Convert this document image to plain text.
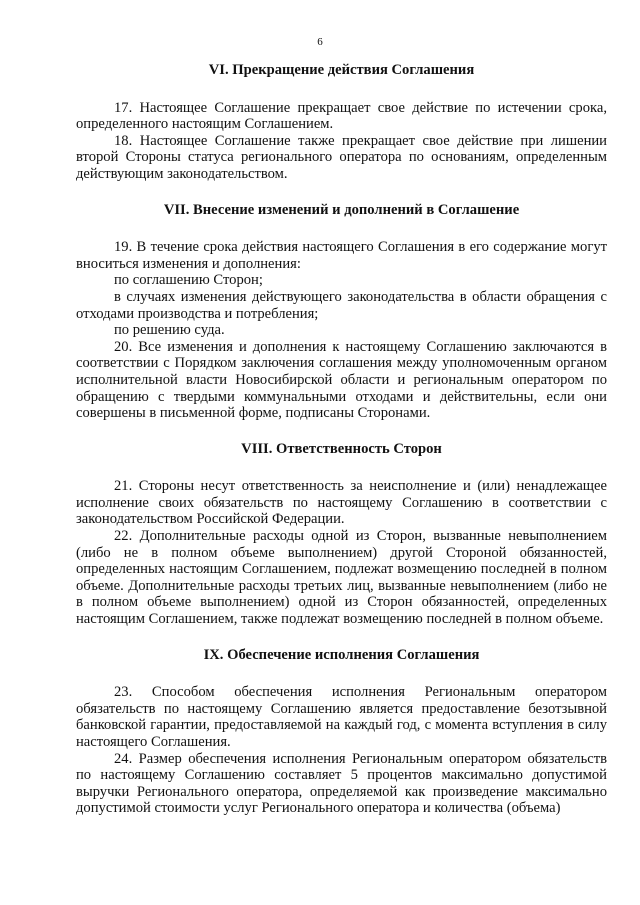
6
VI. Прекращение действия Соглашения

17. Настоящее Соглашение прекращает свое действие по истечении срока, определенного настоящим Соглашением.

18. Настоящее Соглашение также прекращает свое действие при лишении второй Стороны статуса регионального оператора по основаниям, определенным действующим законодательством.

VII. Внесение изменений и дополнений в Соглашение

19. В течение срока действия настоящего Соглашения в его содержание могут вноситься изменения и дополнения:

по соглашению Сторон;

в случаях изменения действующего законодательства в области обращения с отходами производства и потребления;

по решению суда.

20. Все изменения и дополнения к настоящему Соглашению заключаются в соответствии с Порядком заключения соглашения между уполномоченным органом исполнительной власти Новосибирской области и региональным оператором по обращению с твердыми коммунальными отходами и действительны, если они совершены в письменной форме, подписаны Сторонами.

VIII. Ответственность Сторон

21. Стороны несут ответственность за неисполнение и (или) ненадлежащее исполнение своих обязательств по настоящему Соглашению в соответствии с законодательством Российской Федерации.

22. Дополнительные расходы одной из Сторон, вызванные невыполнением (либо не в полном объеме выполнением) другой Стороной обязанностей, определенных настоящим Соглашением, подлежат возмещению последней в полном объеме. Дополнительные расходы третьих лиц, вызванные невыполнением (либо не в полном объеме выполнением) одной из Сторон обязанностей, определенных настоящим Соглашением, также подлежат возмещению последней в полном объеме.

IX. Обеспечение исполнения Соглашения

23. Способом обеспечения исполнения Региональным оператором обязательств по настоящему Соглашению является предоставление безотзывной банковской гарантии, предоставляемой на каждый год, с момента вступления в силу настоящего Соглашения.

24. Размер обеспечения исполнения Региональным оператором обязательств по настоящему Соглашению составляет 5 процентов максимально допустимой выручки Регионального оператора, определяемой как произведение максимально допустимой стоимости услуг Регионального оператора и количества (объема)
